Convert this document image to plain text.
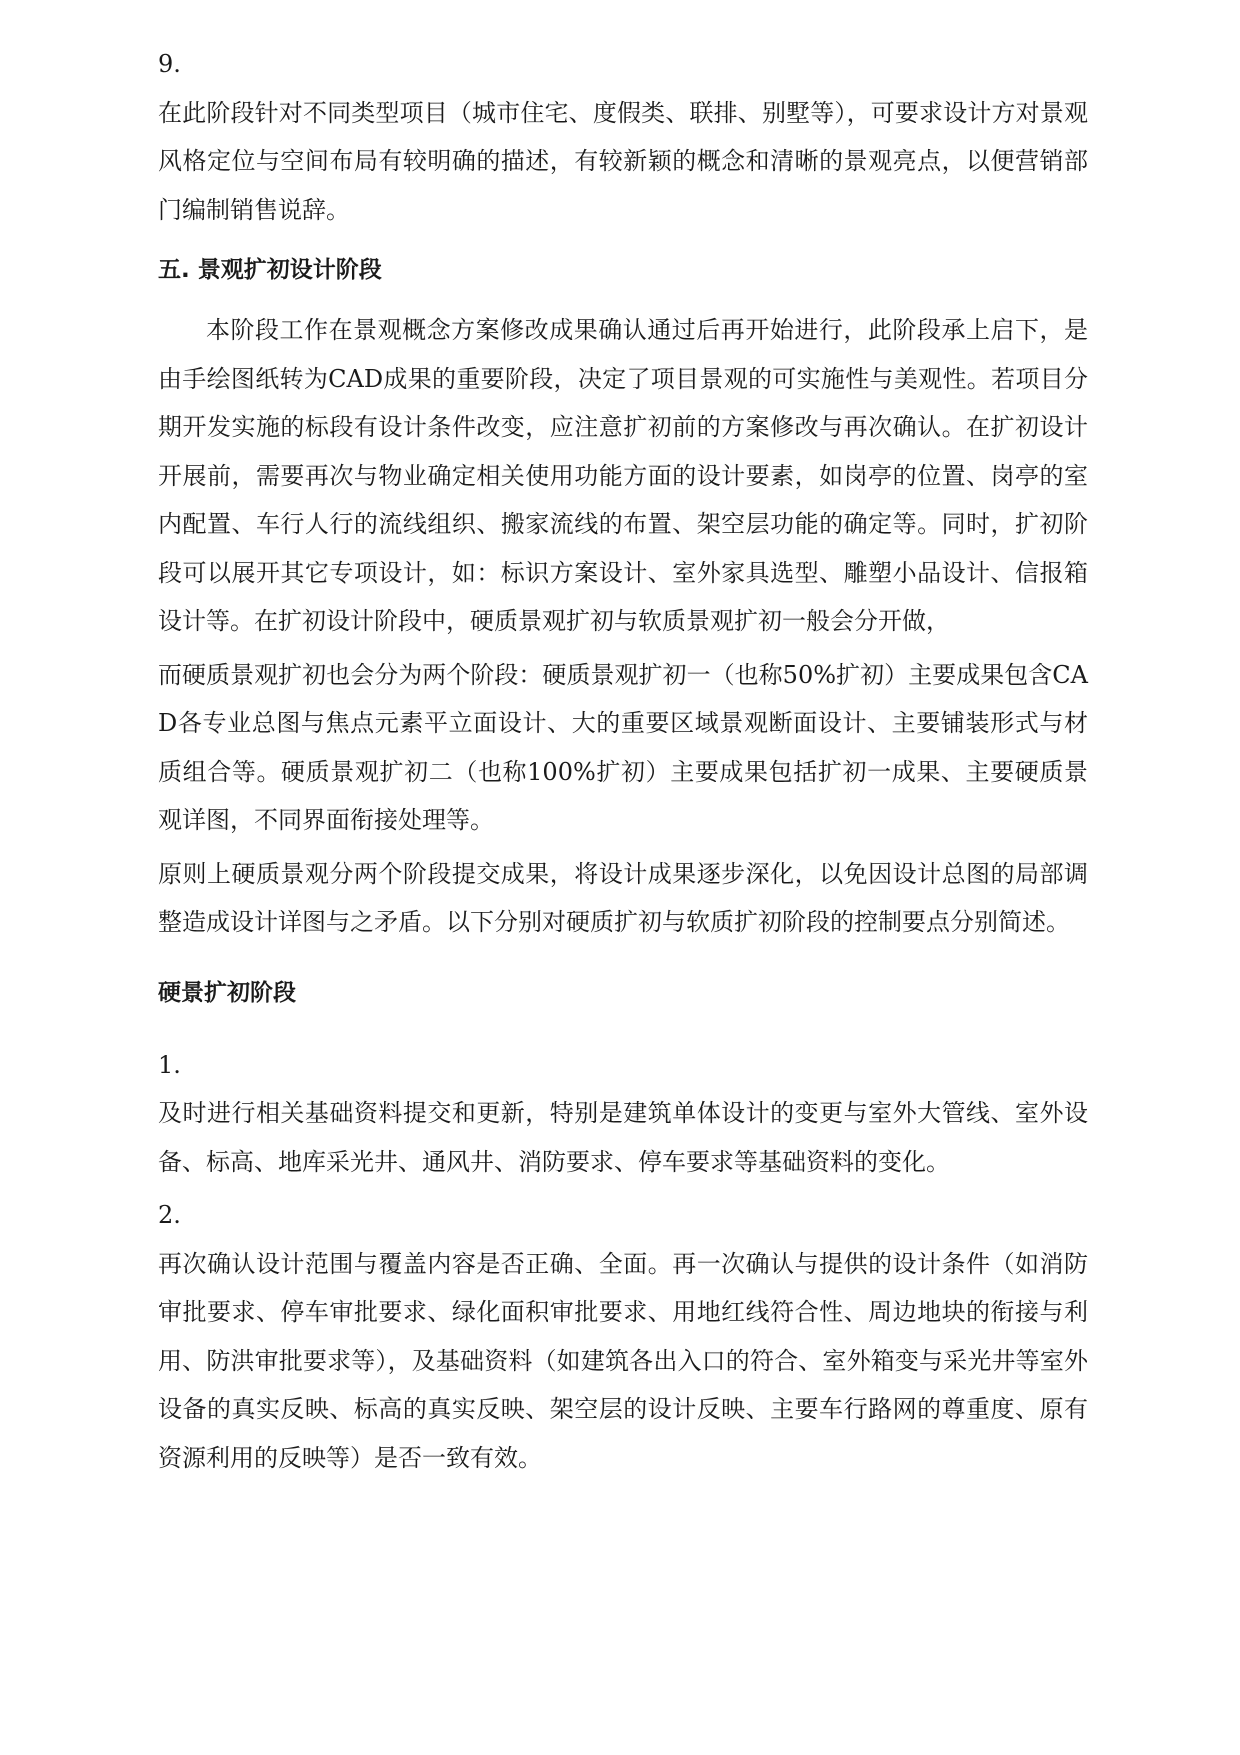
9.

在此阶段针对不同类型项目（城市住宅、度假类、联排、别墅等），可要求设计方对景观风格定位与空间布局有较明确的描述，有较新颖的概念和清晰的景观亮点，以便营销部门编制销售说辞。

五. 景观扩初设计阶段

本阶段工作在景观概念方案修改成果确认通过后再开始进行，此阶段承上启下，是由手绘图纸转为CAD成果的重要阶段，决定了项目景观的可实施性与美观性。若项目分期开发实施的标段有设计条件改变，应注意扩初前的方案修改与再次确认。在扩初设计开展前，需要再次与物业确定相关使用功能方面的设计要素，如岗亭的位置、岗亭的室内配置、车行人行的流线组织、搬家流线的布置、架空层功能的确定等。同时，扩初阶段可以展开其它专项设计，如：标识方案设计、室外家具选型、雕塑小品设计、信报箱设计等。在扩初设计阶段中，硬质景观扩初与软质景观扩初一般会分开做，

而硬质景观扩初也会分为两个阶段：硬质景观扩初一（也称50%扩初）主要成果包含CAD各专业总图与焦点元素平立面设计、大的重要区域景观断面设计、主要铺装形式与材质组合等。硬质景观扩初二（也称100%扩初）主要成果包括扩初一成果、主要硬质景观详图，不同界面衔接处理等。

原则上硬质景观分两个阶段提交成果，将设计成果逐步深化，以免因设计总图的局部调整造成设计详图与之矛盾。以下分别对硬质扩初与软质扩初阶段的控制要点分别简述。

硬景扩初阶段

1.

及时进行相关基础资料提交和更新，特别是建筑单体设计的变更与室外大管线、室外设备、标高、地库采光井、通风井、消防要求、停车要求等基础资料的变化。

2.

再次确认设计范围与覆盖内容是否正确、全面。再一次确认与提供的设计条件（如消防审批要求、停车审批要求、绿化面积审批要求、用地红线符合性、周边地块的衔接与利用、防洪审批要求等），及基础资料（如建筑各出入口的符合、室外箱变与采光井等室外设备的真实反映、标高的真实反映、架空层的设计反映、主要车行路网的尊重度、原有资源利用的反映等）是否一致有效。
